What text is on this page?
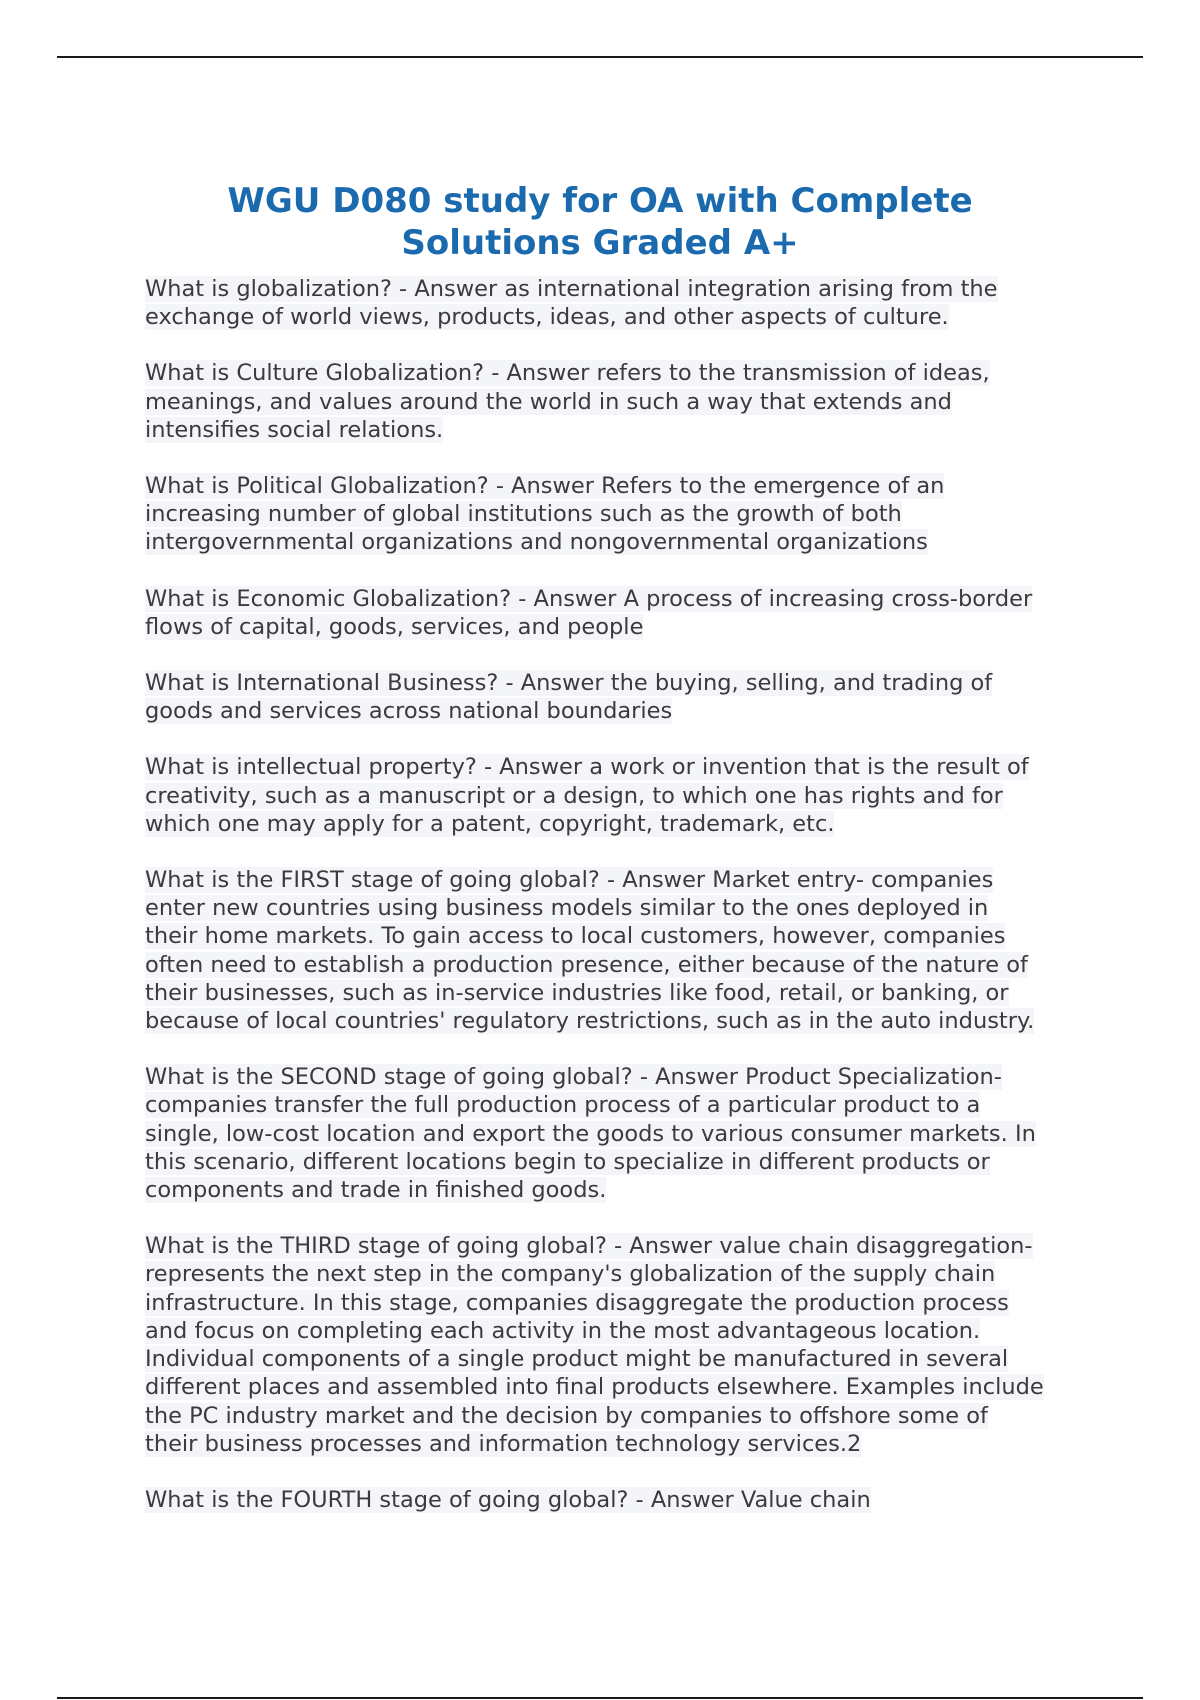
WGU D080 study for OA with Complete Solutions Graded A+

What is globalization? - Answer as international integration arising from the exchange of world views, products, ideas, and other aspects of culture.

What is Culture Globalization? - Answer refers to the transmission of ideas, meanings, and values around the world in such a way that extends and intensifies social relations.

What is Political Globalization? - Answer Refers to the emergence of an increasing number of global institutions such as the growth of both intergovernmental organizations and nongovernmental organizations

What is Economic Globalization? - Answer A process of increasing cross-border flows of capital, goods, services, and people

What is International Business? - Answer the buying, selling, and trading of goods and services across national boundaries

What is intellectual property? - Answer a work or invention that is the result of creativity, such as a manuscript or a design, to which one has rights and for which one may apply for a patent, copyright, trademark, etc.

What is the FIRST stage of going global? - Answer Market entry- companies enter new countries using business models similar to the ones deployed in their home markets. To gain access to local customers, however, companies often need to establish a production presence, either because of the nature of their businesses, such as in-service industries like food, retail, or banking, or because of local countries' regulatory restrictions, such as in the auto industry.

What is the SECOND stage of going global? - Answer Product Specialization- companies transfer the full production process of a particular product to a single, low-cost location and export the goods to various consumer markets. In this scenario, different locations begin to specialize in different products or components and trade in finished goods.

What is the THIRD stage of going global? - Answer value chain disaggregation- represents the next step in the company's globalization of the supply chain infrastructure. In this stage, companies disaggregate the production process and focus on completing each activity in the most advantageous location. Individual components of a single product might be manufactured in several different places and assembled into final products elsewhere. Examples include the PC industry market and the decision by companies to offshore some of their business processes and information technology services.2

What is the FOURTH stage of going global? - Answer Value chain
